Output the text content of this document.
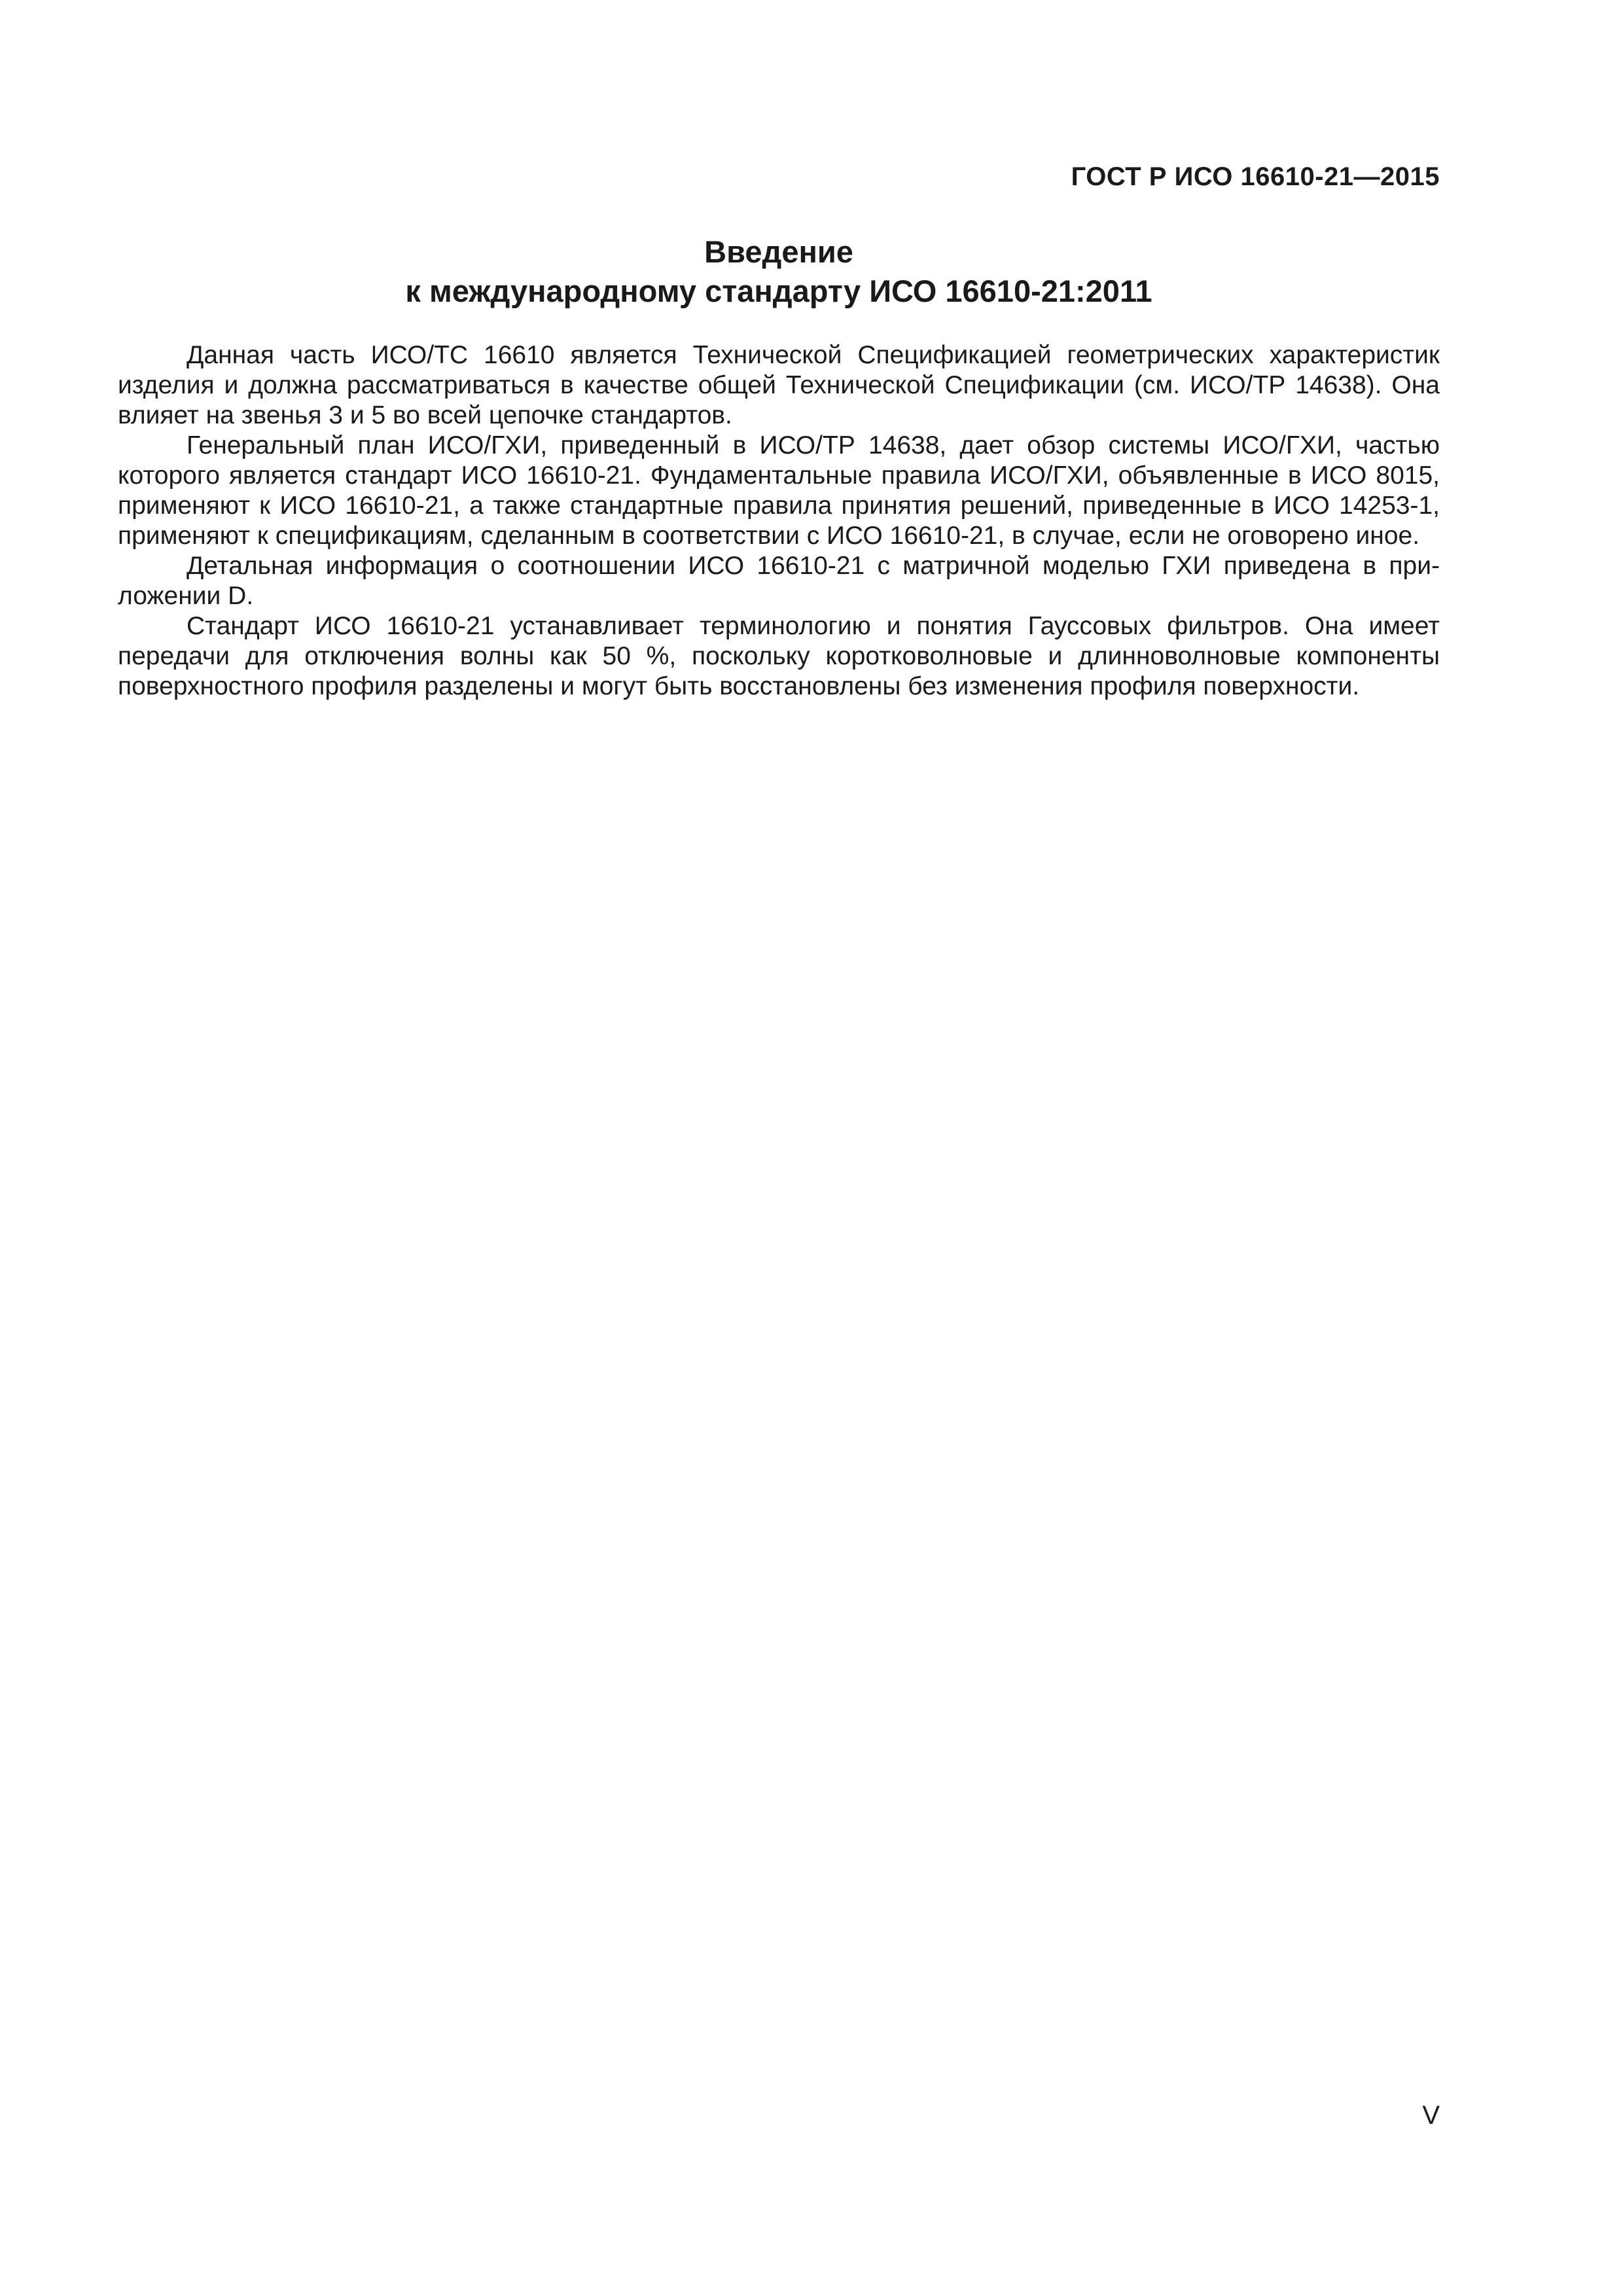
ГОСТ Р ИСО 16610-21—2015
Введение
к международному стандарту ИСО 16610-21:2011

Данная часть ИСО/ТС 16610 является Технической Спецификацией геометрических характеристик изделия и должна рассматриваться в качестве общей Технической Спецификации (см. ИСО/ТР 14638). Она влияет на звенья 3 и 5 во всей цепочке стандартов.

Генеральный план ИСО/ГХИ, приведенный в ИСО/ТР 14638, дает обзор системы ИСО/ГХИ, частью которого является стандарт ИСО 16610-21. Фундаментальные правила ИСО/ГХИ, объявленные в ИСО 8015, применяют к ИСО 16610-21, а также стандартные правила принятия решений, приведенные в ИСО 14253-1, применяют к спецификациям, сделанным в соответствии с ИСО 16610-21, в случае, если не оговорено иное.

Детальная информация о соотношении ИСО 16610-21 с матричной моделью ГХИ приведена в приложении D.

Стандарт ИСО 16610-21 устанавливает терминологию и понятия Гауссовых фильтров. Она имеет передачи для отключения волны как 50 %, поскольку коротковолновые и длинноволновые компоненты поверхностного профиля разделены и могут быть восстановлены без изменения профиля поверхности.

V
